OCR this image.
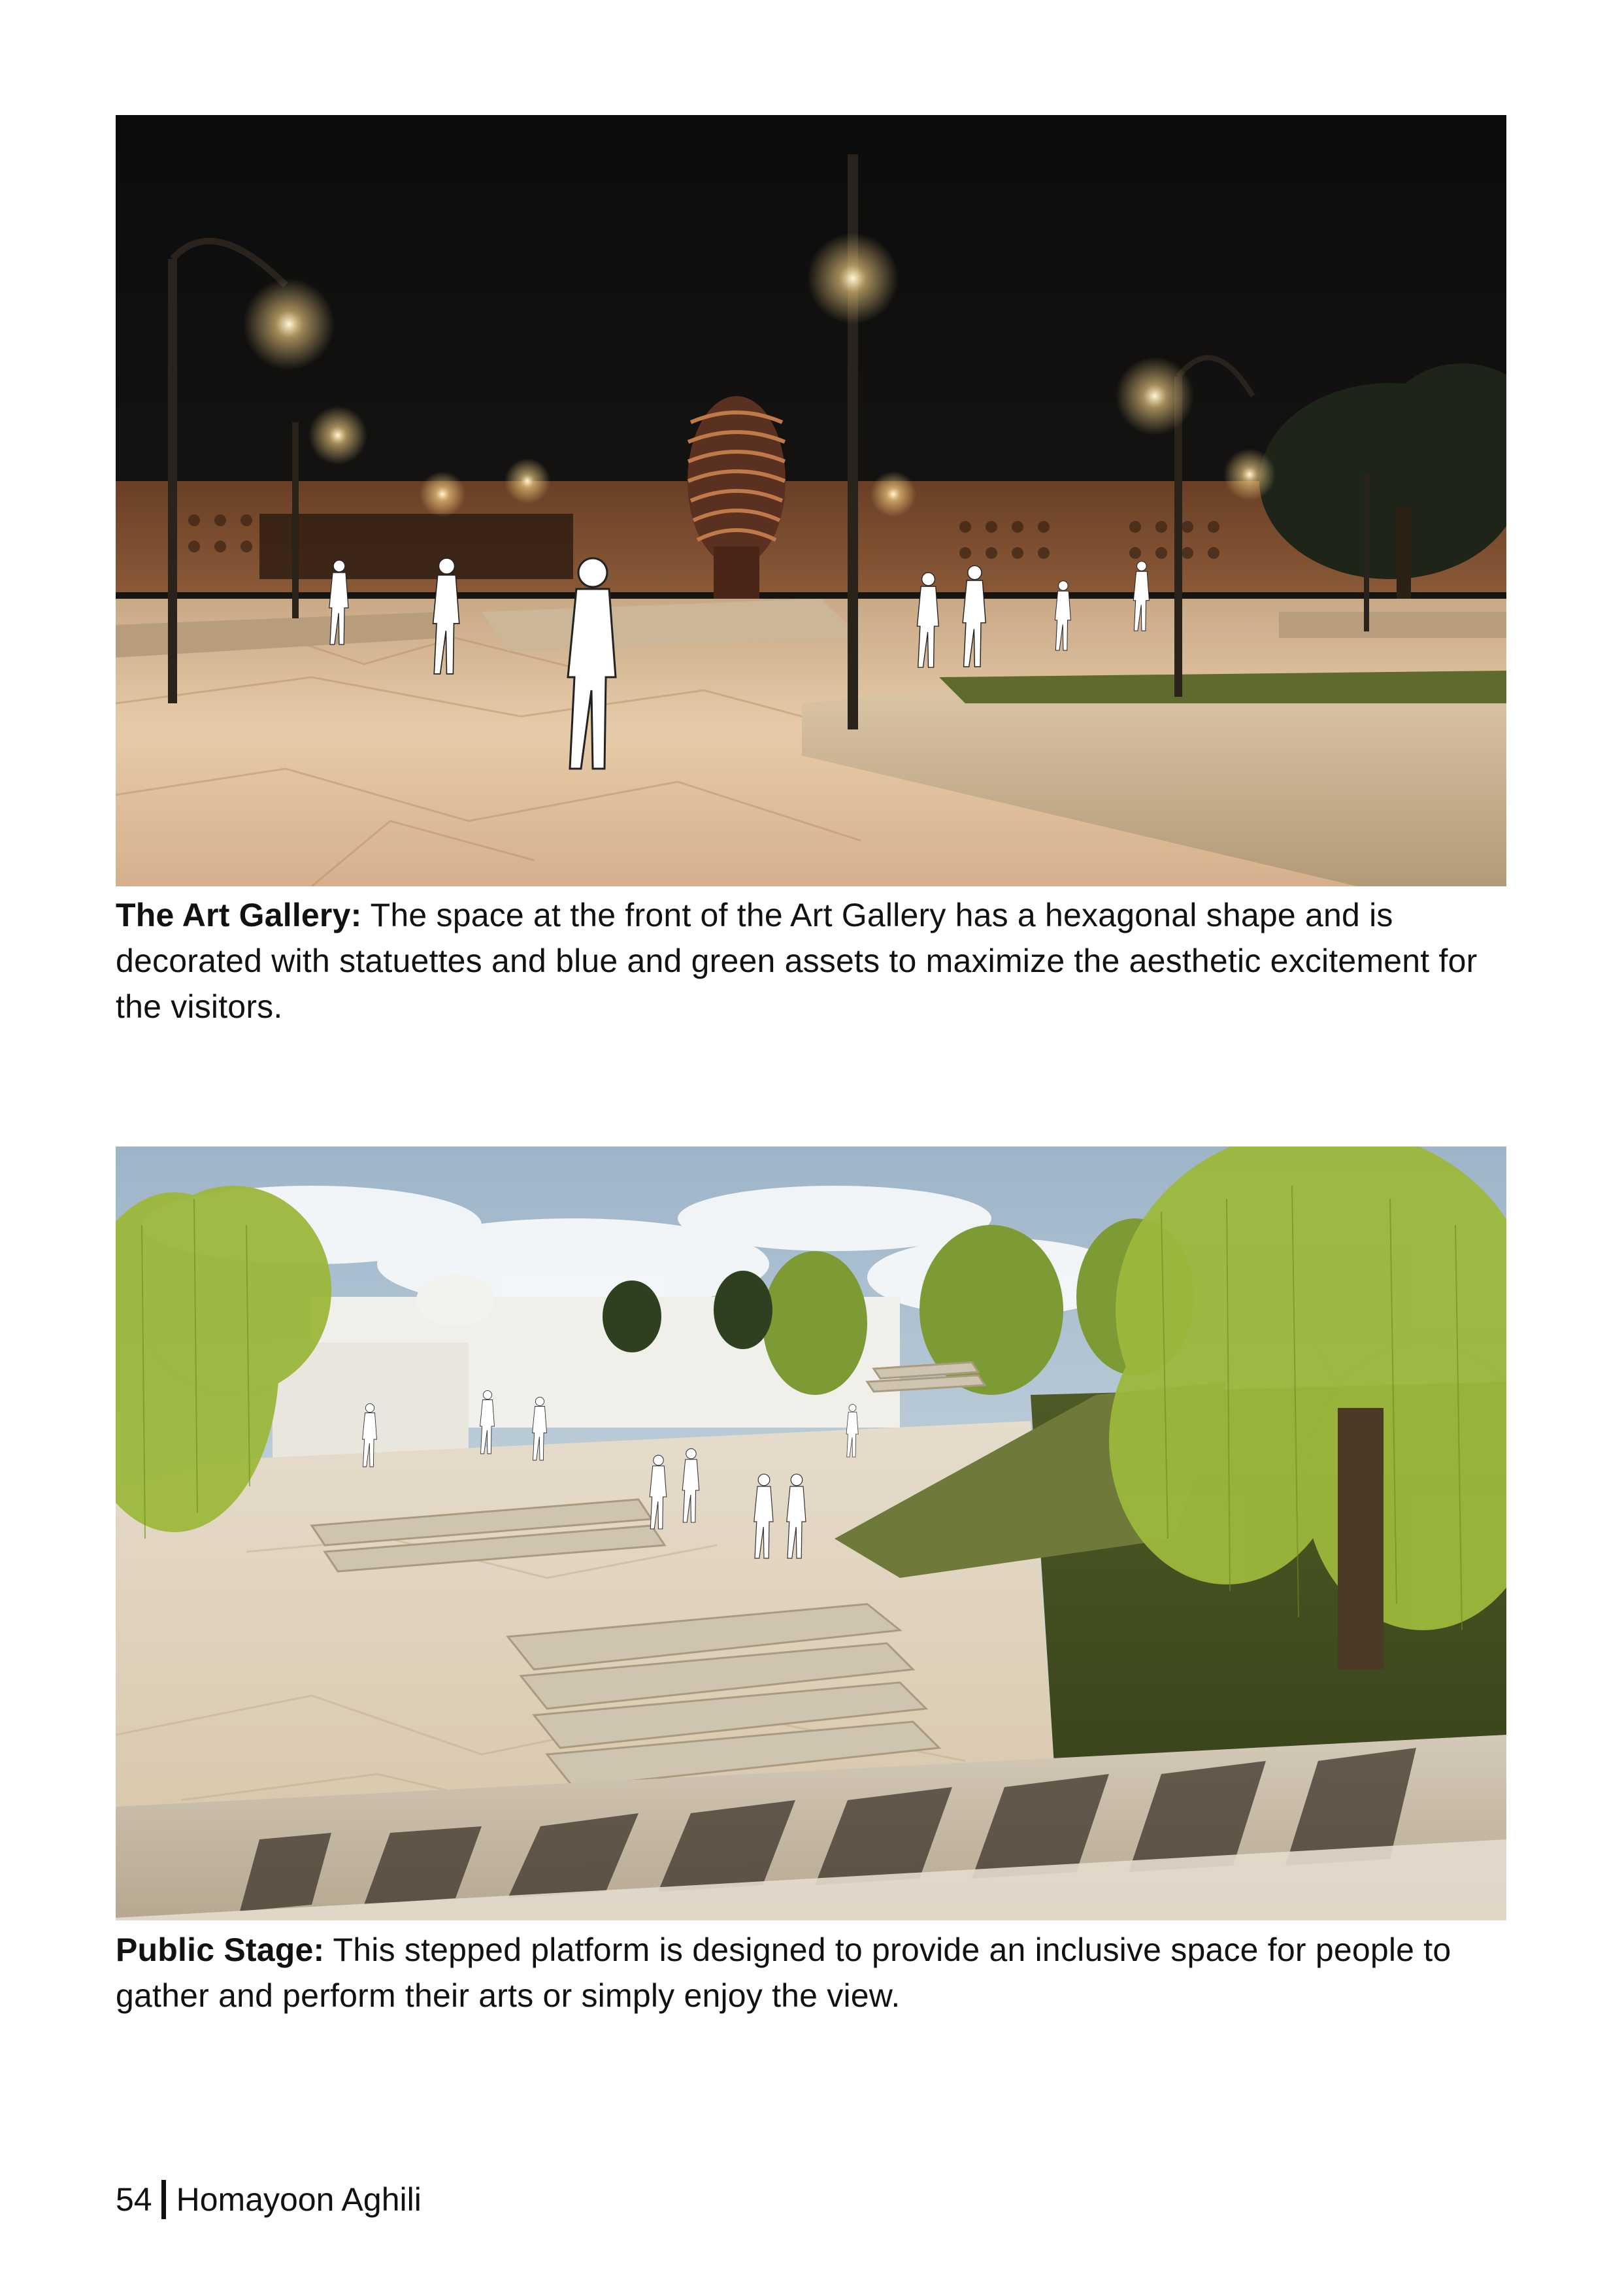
The Art Gallery: The space at the front of the Art Gallery has a hexagonal shape and is decorated with statuettes and blue and green assets to maximize the aesthetic excitement for the visitors.

Public Stage: This stepped platform is designed to provide an inclusive space for people to gather and perform their arts or simply enjoy the view.

54 Homayoon Aghili
